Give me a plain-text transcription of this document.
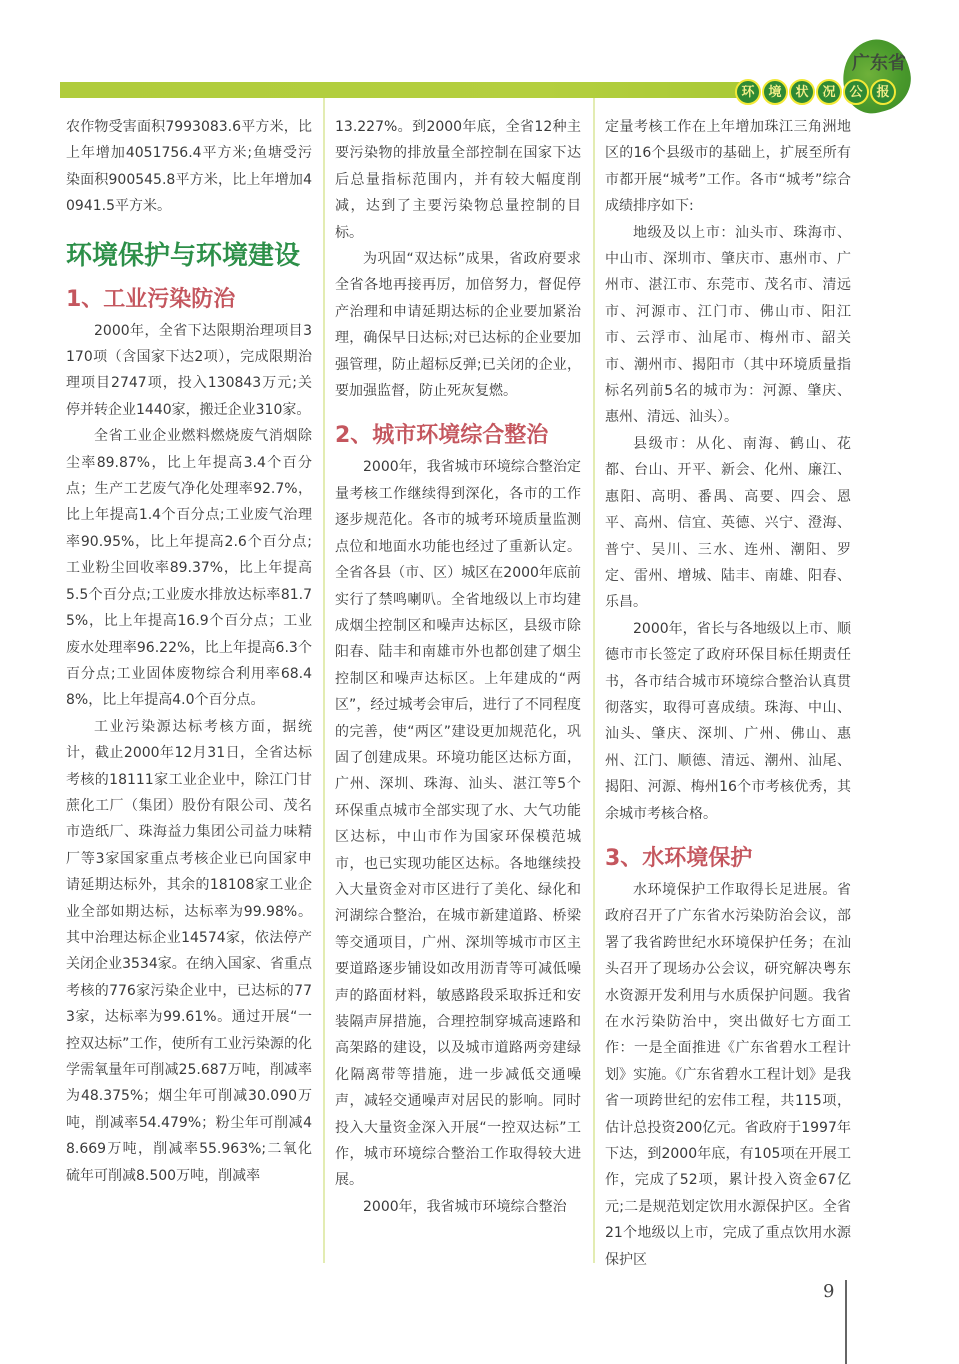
广东省
环	境	状	况	公	报

农作物受害面积7993083.6平方米，比上年增加4051756.4平方米;鱼塘受污染面积900545.8平方米，比上年增加40941.5平方米。

环境保护与环境建设
1、工业污染防治

2000年，全省下达限期治理项目3170项（含国家下达2项），完成限期治理项目2747项，投入130843万元;关停并转企业1440家，搬迁企业310家。

全省工业企业燃料燃烧废气消烟除尘率89.87%，比上年提高3.4个百分点；生产工艺废气净化处理率92.7%，比上年提高1.4个百分点;工业废气治理率90.95%，比上年提高2.6个百分点;工业粉尘回收率89.37%，比上年提高5.5个百分点;工业废水排放达标率81.75%，比上年提高16.9个百分点；工业废水处理率96.22%，比上年提高6.3个百分点;工业固体废物综合利用率68.48%，比上年提高4.0个百分点。

工业污染源达标考核方面，据统计，截止2000年12月31日，全省达标考核的18111家工业企业中，除江门甘蔗化工厂（集团）股份有限公司、茂名市造纸厂、珠海益力集团公司益力味精厂等3家国家重点考核企业已向国家申请延期达标外，其余的18108家工业企业全部如期达标，达标率为99.98%。其中治理达标企业14574家，依法停产关闭企业3534家。在纳入国家、省重点考核的776家污染企业中，已达标的773家，达标率为99.61%。通过开展“一控双达标”工作，使所有工业污染源的化学需氧量年可削减25.687万吨，削减率为48.375%；烟尘年可削减30.090万吨，削减率54.479%；粉尘年可削减48.669万吨，削减率55.963%;二氧化硫年可削减8.500万吨，削减率

13.227%。到2000年底，全省12种主要污染物的排放量全部控制在国家下达后总量指标范围内，并有较大幅度削减，达到了主要污染物总量控制的目标。

为巩固“双达标”成果，省政府要求全省各地再接再厉，加倍努力，督促停产治理和申请延期达标的企业要加紧治理，确保早日达标;对已达标的企业要加强管理，防止超标反弹;已关闭的企业，要加强监督，防止死灰复燃。

2、城市环境综合整治

2000年，我省城市环境综合整治定量考核工作继续得到深化，各市的工作逐步规范化。各市的城考环境质量监测点位和地面水功能也经过了重新认定。全省各县（市、区）城区在2000年底前实行了禁鸣喇叭。全省地级以上市均建成烟尘控制区和噪声达标区，县级市除阳春、陆丰和南雄市外也都创建了烟尘控制区和噪声达标区。上年建成的“两区”，经过城考会审后，进行了不同程度的完善，使“两区”建设更加规范化，巩固了创建成果。环境功能区达标方面，广州、深圳、珠海、汕头、湛江等5个环保重点城市全部实现了水、大气功能区达标，中山市作为国家环保模范城市，也已实现功能区达标。各地继续投入大量资金对市区进行了美化、绿化和河湖综合整治，在城市新建道路、桥梁等交通项目，广州、深圳等城市市区主要道路逐步铺设如改用沥青等可减低噪声的路面材料，敏感路段采取拆迁和安装隔声屏措施，合理控制穿城高速路和高架路的建设，以及城市道路两旁建绿化隔离带等措施，进一步减低交通噪声，减轻交通噪声对居民的影响。同时投入大量资金深入开展“一控双达标”工作，城市环境综合整治工作取得较大进展。

2000年，我省城市环境综合整治

定量考核工作在上年增加珠江三角洲地区的16个县级市的基础上，扩展至所有市都开展“城考”工作。各市“城考”综合成绩排序如下:

地级及以上市：汕头市、珠海市、中山市、深圳市、肇庆市、惠州市、广州市、湛江市、东莞市、茂名市、清远市、河源市、江门市、佛山市、阳江市、云浮市、汕尾市、梅州市、韶关市、潮州市、揭阳市（其中环境质量指标名列前5名的城市为：河源、肇庆、惠州、清远、汕头）。

县级市：从化、南海、鹤山、花都、台山、开平、新会、化州、廉江、惠阳、高明、番禺、高要、四会、恩平、高州、信宜、英德、兴宁、澄海、普宁、吴川、三水、连州、潮阳、罗定、雷州、增城、陆丰、南雄、阳春、乐昌。

2000年，省长与各地级以上市、顺德市市长签定了政府环保目标任期责任书，各市结合城市环境综合整治认真贯彻落实，取得可喜成绩。珠海、中山、汕头、肇庆、深圳、广州、佛山、惠州、江门、顺德、清远、潮州、汕尾、揭阳、河源、梅州16个市考核优秀，其余城市考核合格。

3、水环境保护

水环境保护工作取得长足进展。省政府召开了广东省水污染防治会议，部署了我省跨世纪水环境保护任务；在汕头召开了现场办公会议，研究解决粤东水资源开发利用与水质保护问题。我省在水污染防治中，突出做好七方面工作：一是全面推进《广东省碧水工程计划》实施。《广东省碧水工程计划》是我省一项跨世纪的宏伟工程，共115项，估计总投资200亿元。省政府于1997年下达，到2000年底，有105项在开展工作，完成了52项，累计投入资金67亿元;二是规范划定饮用水源保护区。全省21个地级以上市，完成了重点饮用水源保护区

9
